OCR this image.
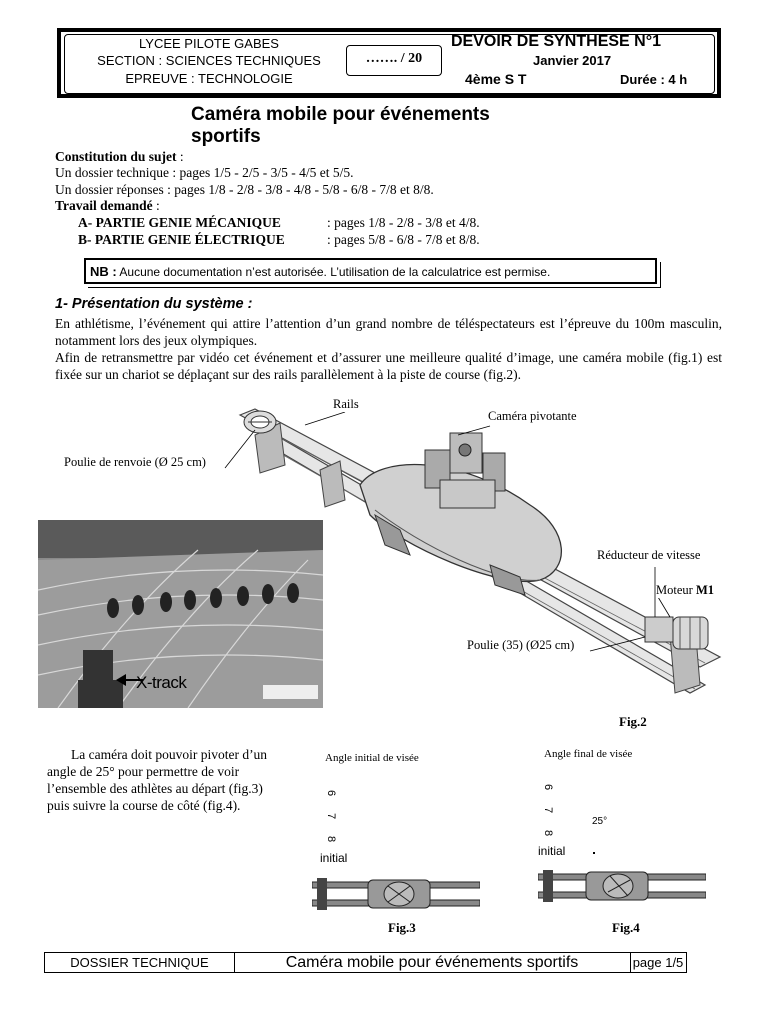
LYCEE PILOTE GABES
SECTION : SCIENCES TECHNIQUES
EPREUVE : TECHNOLOGIE
……. / 20
DEVOIR DE SYNTHESE N°1
Janvier 2017
4ème S T	Durée : 4 h
Caméra mobile pour événements
sportifs
Constitution du sujet :
Un dossier technique : pages 1/5 - 2/5 - 3/5 - 4/5 et 5/5.
Un dossier réponses : pages 1/8 - 2/8 - 3/8 - 4/8 - 5/8 - 6/8 - 7/8 et 8/8.
Travail demandé :
A- PARTIE GENIE MÉCANIQUE	: pages 1/8 - 2/8 - 3/8 et 4/8.
B- PARTIE GENIE ÉLECTRIQUE	: pages 5/8 - 6/8 - 7/8 et 8/8.
NB : Aucune documentation n’est autorisée. L’utilisation de la calculatrice est permise.
1- Présentation du système :
En athlétisme, l’événement qui attire l’attention d’un grand nombre de téléspectateurs est l’épreuve du 100m masculin, notamment lors des jeux olympiques.
Afin de retransmettre par vidéo cet événement et d’assurer une meilleure qualité d’image, une caméra mobile (fig.1) est fixée sur un chariot se déplaçant sur des rails parallèlement à la piste de course (fig.2).
Rails
Caméra pivotante
Poulie de renvoie (Ø 25 cm)
Réducteur de vitesse
Moteur M1
Poulie (35) (Ø25 cm)
Fig.2
X-track
La caméra doit pouvoir pivoter d’un angle de 25° pour permettre de voir l’ensemble des athlètes au départ (fig.3) puis suivre la course de côté (fig.4).
Angle initial de visée
6
7
8
initial
Fig.3
Angle final de visée
6
7
8
25°
initial
Fig.4
DOSSIER TECHNIQUE	Caméra mobile pour événements sportifs	page 1/5
